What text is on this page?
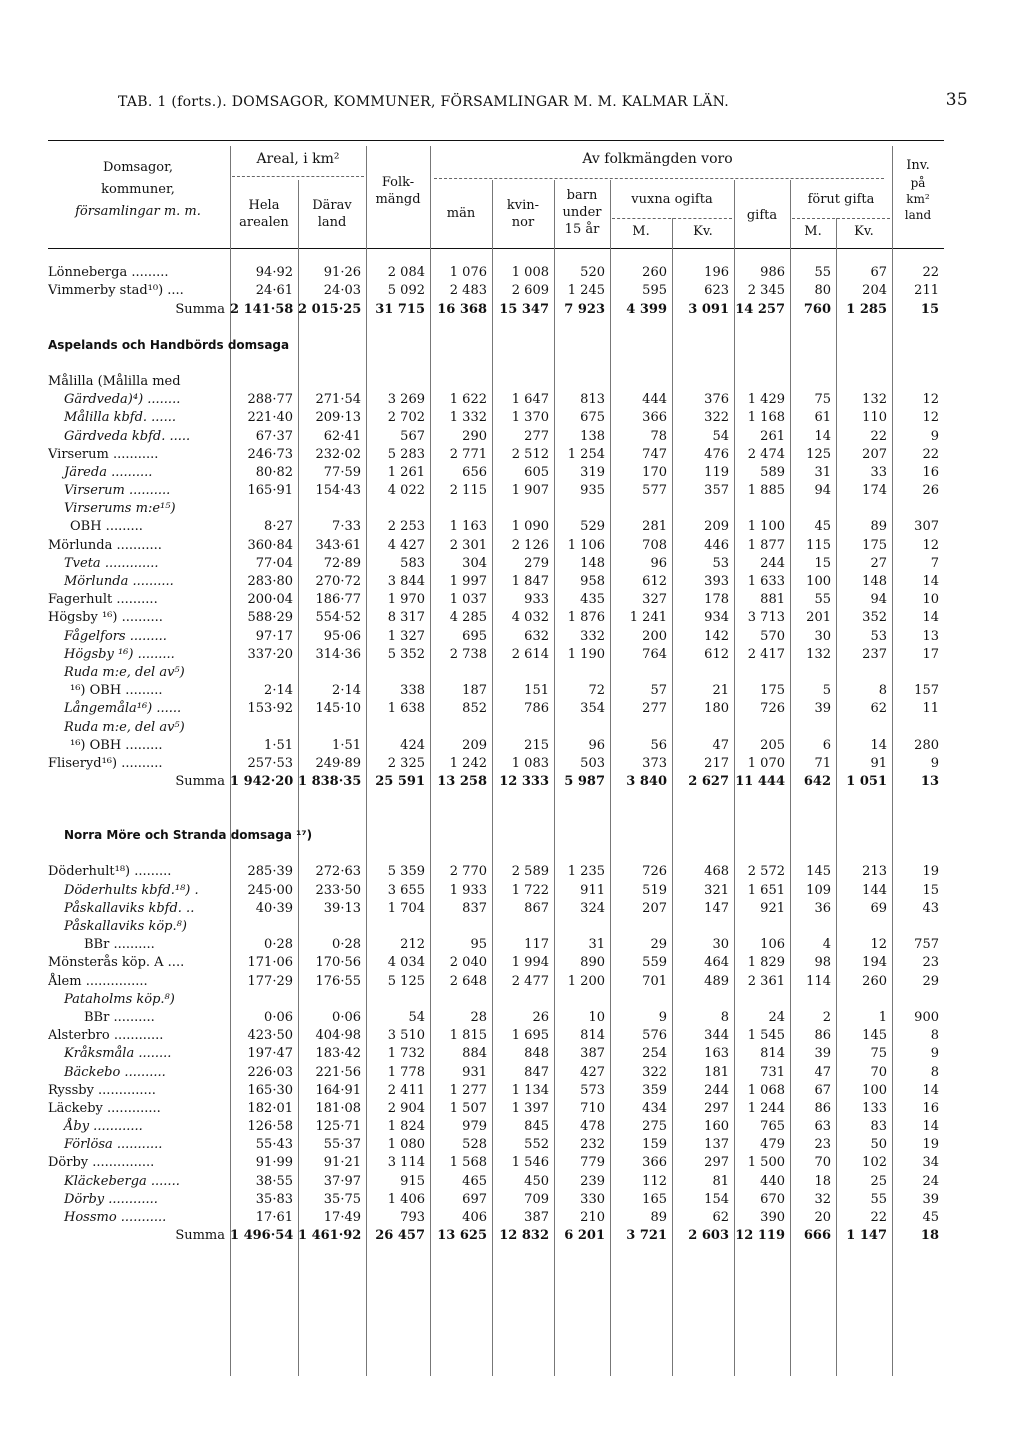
TAB. 1 (forts.). DOMSAGOR, KOMMUNER, FÖRSAMLINGAR M. M. KALMAR LÄN.	35
Domsagor,
kommuner,
församlingar m. m.
Areal, i km²
Hela
arealen
Därav
land
Folk-
mängd
Av folkmängden voro
män
kvin-
nor
barn
under
15 år
vuxna ogifta
M.	Kv.
gifta
förut gifta
M.	Kv.
Inv.
på
km²
land
Lönneberga .........	94·92	91·26	2 084	1 076	1 008	520	260	196	986	55	67	22
Vimmerby stad¹⁰) ....	24·61	24·03	5 092	2 483	2 609	1 245	595	623	2 345	80	204	211
Summa	2 141·58	2 015·25	31 715	16 368	15 347	7 923	4 399	3 091	14 257	760	1 285	15

Aspelands och Handbörds domsaga												

Målilla (Målilla med												
Gärdveda)⁴) ........	288·77	271·54	3 269	1 622	1 647	813	444	376	1 429	75	132	12
Målilla kbfd. ......	221·40	209·13	2 702	1 332	1 370	675	366	322	1 168	61	110	12
Gärdveda kbfd. .....	67·37	62·41	567	290	277	138	78	54	261	14	22	9
Virserum ...........	246·73	232·02	5 283	2 771	2 512	1 254	747	476	2 474	125	207	22
Järeda ..........	80·82	77·59	1 261	656	605	319	170	119	589	31	33	16
Virserum ..........	165·91	154·43	4 022	2 115	1 907	935	577	357	1 885	94	174	26
Virserums m:e¹⁵)												
OBH .........	8·27	7·33	2 253	1 163	1 090	529	281	209	1 100	45	89	307
Mörlunda ...........	360·84	343·61	4 427	2 301	2 126	1 106	708	446	1 877	115	175	12
Tveta .............	77·04	72·89	583	304	279	148	96	53	244	15	27	7
Mörlunda ..........	283·80	270·72	3 844	1 997	1 847	958	612	393	1 633	100	148	14
Fagerhult ..........	200·04	186·77	1 970	1 037	933	435	327	178	881	55	94	10
Högsby ¹⁶) ..........	588·29	554·52	8 317	4 285	4 032	1 876	1 241	934	3 713	201	352	14
Fågelfors .........	97·17	95·06	1 327	695	632	332	200	142	570	30	53	13
Högsby ¹⁶) .........	337·20	314·36	5 352	2 738	2 614	1 190	764	612	2 417	132	237	17
Ruda m:e, del av⁵)												
¹⁶) OBH .........	2·14	2·14	338	187	151	72	57	21	175	5	8	157
Långemåla¹⁶) ......	153·92	145·10	1 638	852	786	354	277	180	726	39	62	11
Ruda m:e, del av⁵)												
¹⁶) OBH .........	1·51	1·51	424	209	215	96	56	47	205	6	14	280
Fliseryd¹⁶) ..........	257·53	249·89	2 325	1 242	1 083	503	373	217	1 070	71	91	9
Summa	1 942·20	1 838·35	25 591	13 258	12 333	5 987	3 840	2 627	11 444	642	1 051	13

Norra Möre och Stranda domsaga ¹⁷)												

Döderhult¹⁸) .........	285·39	272·63	5 359	2 770	2 589	1 235	726	468	2 572	145	213	19
Döderhults kbfd.¹⁸) .	245·00	233·50	3 655	1 933	1 722	911	519	321	1 651	109	144	15
Påskallaviks kbfd. ..	40·39	39·13	1 704	837	867	324	207	147	921	36	69	43
Påskallaviks köp.⁸)												
BBr ..........	0·28	0·28	212	95	117	31	29	30	106	4	12	757
Mönsterås köp. A ....	171·06	170·56	4 034	2 040	1 994	890	559	464	1 829	98	194	23
Ålem ...............	177·29	176·55	5 125	2 648	2 477	1 200	701	489	2 361	114	260	29
Pataholms köp.⁸)												
BBr ..........	0·06	0·06	54	28	26	10	9	8	24	2	1	900
Alsterbro ............	423·50	404·98	3 510	1 815	1 695	814	576	344	1 545	86	145	8
Kråksmåla ........	197·47	183·42	1 732	884	848	387	254	163	814	39	75	9
Bäckebo ..........	226·03	221·56	1 778	931	847	427	322	181	731	47	70	8
Ryssby ..............	165·30	164·91	2 411	1 277	1 134	573	359	244	1 068	67	100	14
Läckeby .............	182·01	181·08	2 904	1 507	1 397	710	434	297	1 244	86	133	16
Åby ............	126·58	125·71	1 824	979	845	478	275	160	765	63	83	14
Förlösa ...........	55·43	55·37	1 080	528	552	232	159	137	479	23	50	19
Dörby ...............	91·99	91·21	3 114	1 568	1 546	779	366	297	1 500	70	102	34
Kläckeberga .......	38·55	37·97	915	465	450	239	112	81	440	18	25	24
Dörby ............	35·83	35·75	1 406	697	709	330	165	154	670	32	55	39
Hossmo ...........	17·61	17·49	793	406	387	210	89	62	390	20	22	45
Summa	1 496·54	1 461·92	26 457	13 625	12 832	6 201	3 721	2 603	12 119	666	1 147	18
